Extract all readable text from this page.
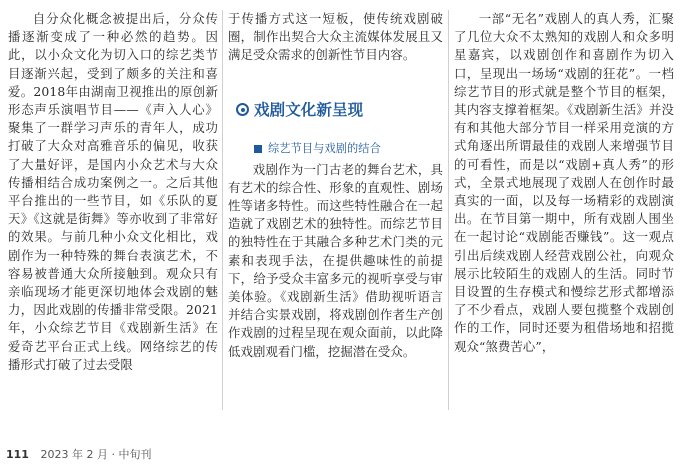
自分众化概念被提出后，分众传播逐渐变成了一种必然的趋势。因此，以小众文化为切入口的综艺类节目逐渐兴起，受到了颇多的关注和喜爱。2018年由湖南卫视推出的原创新形态声乐演唱节目——《声入人心》聚集了一群学习声乐的青年人，成功打破了大众对高雅音乐的偏见，收获了大量好评，是国内小众艺术与大众传播相结合成功案例之一。之后其他平台推出的一些节目，如《乐队的夏天》《这就是街舞》等亦收到了非常好的效果。与前几种小众文化相比，戏剧作为一种特殊的舞台表演艺术，不容易被普通大众所接触到。观众只有亲临现场才能更深切地体会戏剧的魅力，因此戏剧的传播非常受限。2021年，小众综艺节目《戏剧新生活》在爱奇艺平台正式上线。网络综艺的传播形式打破了过去受限

于传播方式这一短板，使传统戏剧破圈，制作出契合大众主流媒体发展且又满足受众需求的创新性节目内容。

戏剧文化新呈现
综艺节目与戏剧的结合

戏剧作为一门古老的舞台艺术，具有艺术的综合性、形象的直观性、剧场性等诸多特性。而这些特性融合在一起造就了戏剧艺术的独特性。而综艺节目的独特性在于其融合多种艺术门类的元素和表现手法，在提供趣味性的前提下，给予受众丰富多元的视听享受与审美体验。《戏剧新生活》借助视听语言并结合实景戏剧，将戏剧创作者生产创作戏剧的过程呈现在观众面前，以此降低戏剧观看门槛，挖掘潜在受众。

一部“无名”戏剧人的真人秀，汇聚了几位大众不太熟知的戏剧人和众多明星嘉宾，以戏剧创作和喜剧作为切入口，呈现出一场场“戏剧的狂花”。一档综艺节目的形式就是整个节目的框架，其内容支撑着框架。《戏剧新生活》并没有和其他大部分节目一样采用竞演的方式角逐出所谓最佳的戏剧人来增强节目的可看性，而是以“戏剧+真人秀”的形式，全景式地展现了戏剧人在创作时最真实的一面，以及每一场精彩的戏剧演出。在节目第一期中，所有戏剧人围坐在一起讨论“戏剧能否赚钱”。这一观点引出后续戏剧人经营戏剧公社，向观众展示比较陌生的戏剧人的生活。同时节目设置的生存模式和慢综艺形式都增添了不少看点，戏剧人要包揽整个戏剧创作的工作，同时还要为租借场地和招揽观众“煞费苦心”，

111 2023 年 2 月 · 中旬刊
